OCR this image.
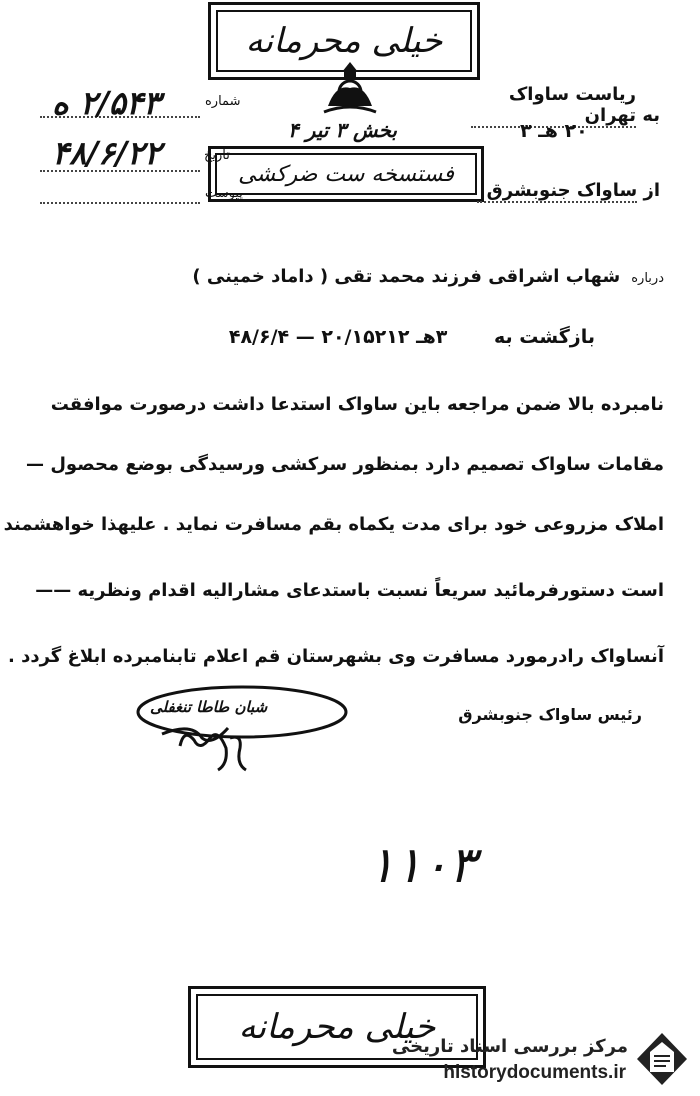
خیلی محرمانه
بخش ۳ تیر ۴
به ریاست ساواک تهران
شماره
۲/۵۴۳ ه
۲۰ هـ ۳
تاریخ
۴۸/۶/۲۲
فستسخه ست ضرکشی
از ساواک جنوبشرق
پیوست
درباره شهاب اشراقی فرزند محمد تقی ( داماد خمینی )
بازگشت به ۳هـ ۲۰/۱۵۲۱۲ — ۴۸/۶/۴
نامبرده بالا ضمن مراجعه باین ساواک استدعا داشت درصورت موافقت
مقامات ساواک تصمیم دارد بمنظور سرکشی ورسیدگی بوضع محصول —
املاک مزروعی خود برای مدت یکماه بقم مسافرت نماید . علیهذا خواهشمند
است دستورفرمائید سریعاً نسبت باستدعای مشارالیه اقدام ونظریه ——
آنساواک رادرمورد مسافرت وی بشهرستان قم اعلام تابنامبرده ابلاغ گردد .
رئیس ساواک جنوبشرق
شبان طاطا تنغفلی
١١٠٣
خیلی محرمانه
مرکز بررسی اسناد تاریخی
historydocuments.ir
